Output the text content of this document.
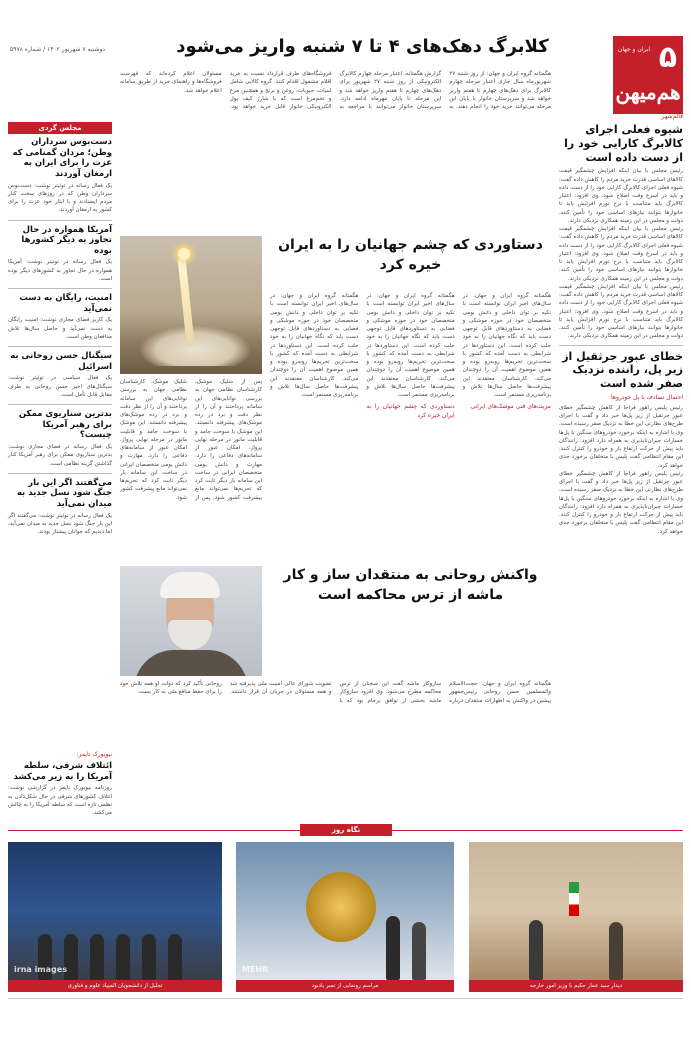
۵
ایران و جهان
هم‌میهن
دوشنبه ۷ شهریور ۱۴۰۲ / شماره ۵۹۷۸	کلابرگ دهک‌های ۴ تا ۷ شنبه واریز می‌شود
هگمتانه گروه ایران و جهان: از روز شنبه ۲۷ شهریورماه سال جاری اعتبار مرحله چهارم کالابرگ برای دهک‌های چهارم تا هفتم واریز خواهد شد و سرپرستان خانوار با پایان این مرحله می‌توانند خرید خود را انجام دهند. به گزارش هگمتانه، اعتبار مرحله چهارم کالابرگ الکترونیکی از روز شنبه ۲۷ شهریور برای دهک‌های چهارم تا هفتم واریز خواهد شد و این مرحله تا پایان مهرماه ادامه دارد. سرپرستان خانوار می‌توانند با مراجعه به فروشگاه‌های طرف قرارداد نسبت به خرید اقلام مشمول اقدام کنند. گروه کالایی شامل لبنیات، حبوبات، روغن و برنج و همچنین مرغ و تخم‌مرغ است که با شارژ کیف پول الکترونیکی خانوار قابل خرید خواهد بود. مسئولان اعلام کرده‌اند که فهرست فروشگاه‌ها و راهنمای خرید از طریق سامانه اعلام خواهد شد.
دستاوردی که چشم جهانیان را به ایران خیره کرد
هگمتانه گروه ایران و جهان: در سال‌های اخیر ایران توانسته است با تکیه بر توان داخلی و دانش بومی متخصصان خود در حوزه موشکی و فضایی به دستاوردهای قابل توجهی دست یابد که نگاه جهانیان را به خود جلب کرده است. این دستاوردها در شرایطی به دست آمده که کشور با سخت‌ترین تحریم‌ها روبه‌رو بوده و همین موضوع اهمیت آن را دوچندان می‌کند. کارشناسان معتقدند این پیشرفت‌ها حاصل سال‌ها تلاش و برنامه‌ریزی مستمر است.
مزیت‌های فنی موشک‌های ایرانی
هگمتانه گروه ایران و جهان: در سال‌های اخیر ایران توانسته است با تکیه بر توان داخلی و دانش بومی متخصصان خود در حوزه موشکی و فضایی به دستاوردهای قابل توجهی دست یابد که نگاه جهانیان را به خود جلب کرده است. این دستاوردها در شرایطی به دست آمده که کشور با سخت‌ترین تحریم‌ها روبه‌رو بوده و همین موضوع اهمیت آن را دوچندان می‌کند. کارشناسان معتقدند این پیشرفت‌ها حاصل سال‌ها تلاش و برنامه‌ریزی مستمر است.
دستاوردی که چشم جهانیان را به ایران خیره کرد
هگمتانه گروه ایران و جهان: در سال‌های اخیر ایران توانسته است با تکیه بر توان داخلی و دانش بومی متخصصان خود در حوزه موشکی و فضایی به دستاوردهای قابل توجهی دست یابد که نگاه جهانیان را به خود جلب کرده است. این دستاوردها در شرایطی به دست آمده که کشور با سخت‌ترین تحریم‌ها روبه‌رو بوده و همین موضوع اهمیت آن را دوچندان می‌کند. کارشناسان معتقدند این پیشرفت‌ها حاصل سال‌ها تلاش و برنامه‌ریزی مستمر است.
پس از شلیک موشک، کارشناسان نظامی جهان به بررسی توانایی‌های این سامانه پرداختند و آن را از نظر دقت و برد در رده موشک‌های پیشرفته دانستند. این موشک با سوخت جامد و قابلیت مانور در مرحله نهایی پرواز، امکان عبور از سامانه‌های دفاعی را دارد. مهارت و دانش بومی متخصصان ایرانی در ساخت این سامانه بار دیگر ثابت کرد که تحریم‌ها نمی‌تواند مانع پیشرفت کشور شود. پس از شلیک موشک، کارشناسان نظامی جهان به بررسی توانایی‌های این سامانه پرداختند و آن را از نظر دقت و برد در رده موشک‌های پیشرفته دانستند. این موشک با سوخت جامد و قابلیت مانور در مرحله نهایی پرواز، امکان عبور از سامانه‌های دفاعی را دارد. مهارت و دانش بومی متخصصان ایرانی در ساخت این سامانه بار دیگر ثابت کرد که تحریم‌ها نمی‌تواند مانع پیشرفت کشور شود.
واکنش روحانی به منتقدان ساز و کار ماشه از ترس محاکمه است
هگمتانه گروه ایران و جهان: حجت‌الاسلام والمسلمین حسن روحانی رئیس‌جمهور پیشین در واکنش به اظهارات منتقدان درباره سازوکار ماشه گفت این سخنان از ترس محاکمه مطرح می‌شود. وی افزود سازوکار ماشه بخشی از توافق برجام بود که با تصویب شورای عالی امنیت ملی پذیرفته شد و همه مسئولان در جریان آن قرار داشتند. روحانی تأکید کرد که دولت او همه تلاش خود را برای حفظ منافع ملی به کار بست.
قائم‌شهر
شیوه فعلی اجرای کالابرگ کارایی خود را از دست داده است
رئیس مجلس با بیان اینکه افزایش چشمگیر قیمت کالاهای اساسی قدرت خرید مردم را کاهش داده گفت: شیوه فعلی اجرای کالابرگ کارایی خود را از دست داده و باید در اسرع وقت اصلاح شود. وی افزود: اعتبار کالابرگ باید متناسب با نرخ تورم افزایش یابد تا خانوارها بتوانند نیازهای اساسی خود را تأمین کنند. دولت و مجلس در این زمینه همکاری نزدیکی دارند.
رئیس مجلس با بیان اینکه افزایش چشمگیر قیمت کالاهای اساسی قدرت خرید مردم را کاهش داده گفت: شیوه فعلی اجرای کالابرگ کارایی خود را از دست داده و باید در اسرع وقت اصلاح شود. وی افزود: اعتبار کالابرگ باید متناسب با نرخ تورم افزایش یابد تا خانوارها بتوانند نیازهای اساسی خود را تأمین کنند. دولت و مجلس در این زمینه همکاری نزدیکی دارند.
رئیس مجلس با بیان اینکه افزایش چشمگیر قیمت کالاهای اساسی قدرت خرید مردم را کاهش داده گفت: شیوه فعلی اجرای کالابرگ کارایی خود را از دست داده و باید در اسرع وقت اصلاح شود. وی افزود: اعتبار کالابرگ باید متناسب با نرخ تورم افزایش یابد تا خانوارها بتوانند نیازهای اساسی خود را تأمین کنند. دولت و مجلس در این زمینه همکاری نزدیکی دارند.
خطای عبور جرثقیل از زیر پل، راننده نزدیک صفر شده است
احتمال تصادف با پل خودروها
رئیس پلیس راهور فراجا از کاهش چشمگیر خطای عبور جرثقیل از زیر پل‌ها خبر داد و گفت با اجرای طرح‌های نظارتی این خطا به نزدیک صفر رسیده است. وی با اشاره به اینکه برخورد خودروهای سنگین با پل‌ها خسارات جبران‌ناپذیری به همراه دارد افزود: رانندگان باید پیش از حرکت ارتفاع بار و خودرو را کنترل کنند. این مقام انتظامی گفت پلیس با متخلفان برخورد جدی خواهد کرد.
رئیس پلیس راهور فراجا از کاهش چشمگیر خطای عبور جرثقیل از زیر پل‌ها خبر داد و گفت با اجرای طرح‌های نظارتی این خطا به نزدیک صفر رسیده است. وی با اشاره به اینکه برخورد خودروهای سنگین با پل‌ها خسارات جبران‌ناپذیری به همراه دارد افزود: رانندگان باید پیش از حرکت ارتفاع بار و خودرو را کنترل کنند. این مقام انتظامی گفت پلیس با متخلفان برخورد جدی خواهد کرد.
مجلس گردی
دست‌بوس سرداران وطن؛ مردان گمنامی که عزت را برای ایران به ارمغان آوردند
یک فعال رسانه در توئیتر نوشت: دست‌بوس سرداران وطن که در روزهای سخت کنار مردم ایستادند و با ایثار خود عزت را برای کشور به ارمغان آوردند.
آمریکا همواره در حال تجاوز به دیگر کشورها بوده
یک فعال رسانه در توئیتر نوشت: آمریکا همواره در حال تجاوز به کشورهای دیگر بوده است.
امنیت، رایگان به دست نمی‌آید
یک کاربر فضای مجازی نوشت: امنیت رایگان به دست نمی‌آید و حاصل سال‌ها تلاش مدافعان وطن است.
سیگنال حسن روحانی به اسرائیل
یک فعال سیاسی در توئیتر نوشت: سیگنال‌های اخیر حسن روحانی به طرف مقابل قابل تأمل است.
بدترین سناریوی ممکن برای رهبر آمریکا چیست؟
یک فعال رسانه در فضای مجازی نوشت: بدترین سناریوی ممکن برای رهبر آمریکا کنار گذاشتن گزینه نظامی است.
می‌گفتند اگر این بار جنگ شود نسل جدید به میدان نمی‌آید
یک فعال رسانه در توئیتر نوشت: می‌گفتند اگر این بار جنگ شود نسل جدید به میدان نمی‌آید، اما دیدیم که جوانان پیشتاز بودند.
نیویورک تایمز:
ائتلاف شرقی، سلطه آمریکا را به زیر می‌کشد
روزنامه نیویورک تایمز در گزارشی نوشت: ائتلاف کشورهای شرقی در حال شکل‌دادن به نظمی تازه است که سلطه آمریکا را به چالش می‌کشد.
نگاه روز
دیدار سید عمار حکیم با وزیر امور خارجه
MEHR
مراسم رونمایی از تمبر یادبود
irna images
تجلیل از دانشجویان المپیاد علوم و فناوری
